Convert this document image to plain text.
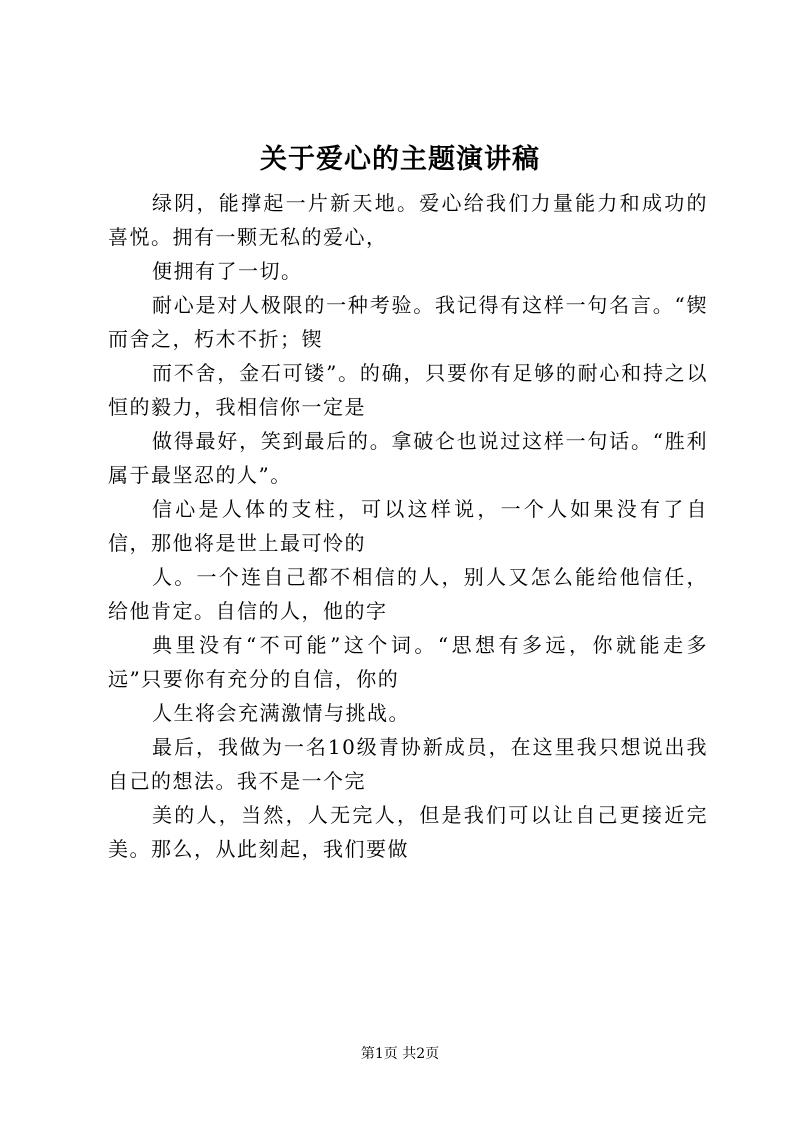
关于爱心的主题演讲稿

绿阴，能撑起一片新天地。爱心给我们力量能力和成功的喜悦。拥有一颗无私的爱心，

便拥有了一切。

耐心是对人极限的一种考验。我记得有这样一句名言。“锲而舍之，朽木不折；锲

而不舍，金石可镂”。的确，只要你有足够的耐心和持之以恒的毅力，我相信你一定是

做得最好，笑到最后的。拿破仑也说过这样一句话。“胜利属于最坚忍的人”。

信心是人体的支柱，可以这样说，一个人如果没有了自信，那他将是世上最可怜的

人。一个连自己都不相信的人，别人又怎么能给他信任，给他肯定。自信的人，他的字

典里没有“不可能”这个词。“思想有多远，你就能走多远”只要你有充分的自信，你的

人生将会充满激情与挑战。

最后，我做为一名10级青协新成员，在这里我只想说出我自己的想法。我不是一个完

美的人，当然，人无完人，但是我们可以让自己更接近完美。那么，从此刻起，我们要做

第1页 共2页
